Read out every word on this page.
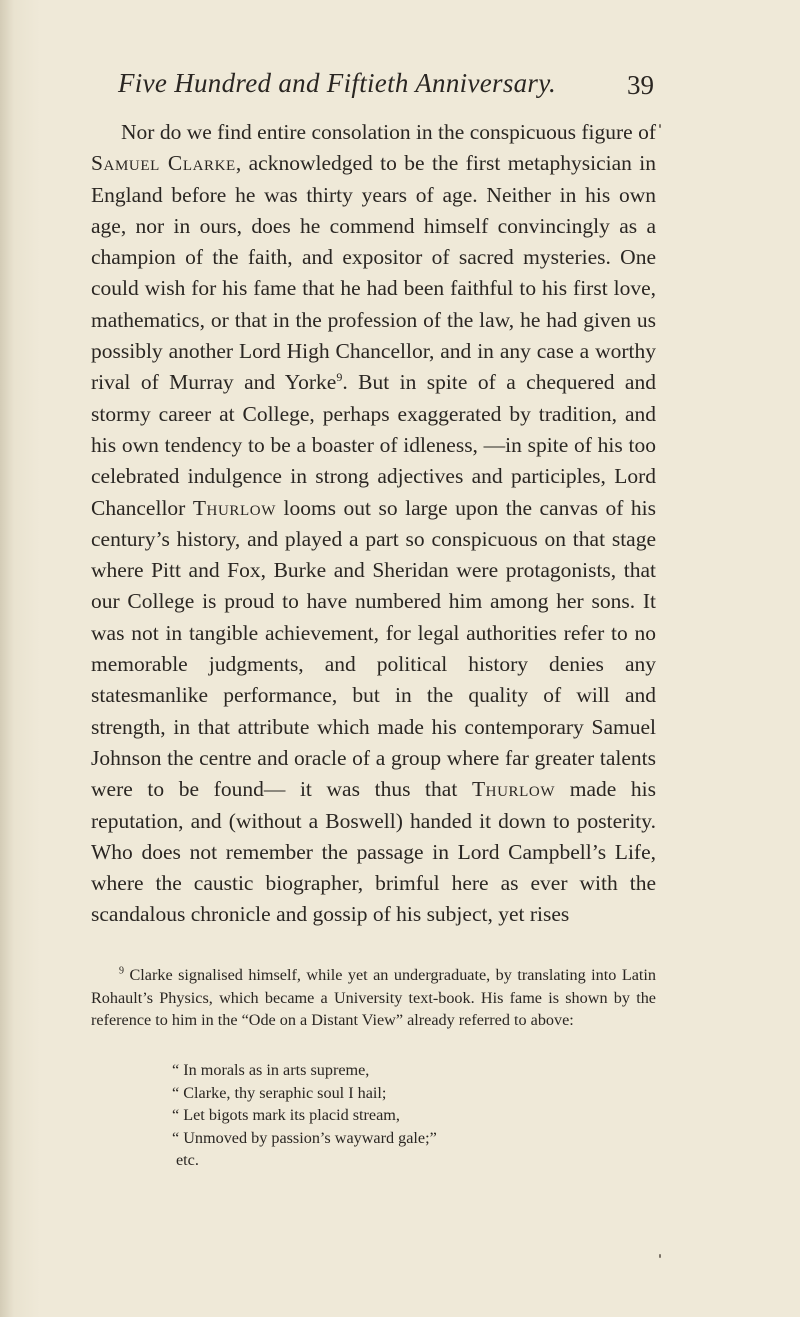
Five Hundred and Fiftieth Anniversary.	39
Nor do we find entire consolation in the conspicuous figure of Samuel Clarke, acknowledged to be the first metaphysician in England before he was thirty years of age. Neither in his own age, nor in ours, does he commend himself convincingly as a champion of the faith, and expositor of sacred mysteries. One could wish for his fame that he had been faithful to his first love, mathematics, or that in the profession of the law, he had given us possibly another Lord High Chancellor, and in any case a worthy rival of Murray and Yorke$^9$. But in spite of a chequered and stormy career at College, perhaps exaggerated by tradition, and his own tendency to be a boaster of idleness, —in spite of his too celebrated indulgence in strong adjectives and participles, Lord Chancellor Thurlow looms out so large upon the canvas of his century’s history, and played a part so conspicuous on that stage where Pitt and Fox, Burke and Sheridan were protagonists, that our College is proud to have numbered him among her sons. It was not in tangible achievement, for legal authorities refer to no memorable judgments, and political history denies any statesmanlike performance, but in the quality of will and strength, in that attribute which made his contemporary Samuel Johnson the centre and oracle of a group where far greater talents were to be found— it was thus that Thurlow made his reputation, and (without a Boswell) handed it down to posterity. Who does not remember the passage in Lord Campbell’s Life, where the caustic biographer, brimful here as ever with the scandalous chronicle and gossip of his subject, yet rises
$^9$ Clarke signalised himself, while yet an undergraduate, by translating into Latin Rohault’s Physics, which became a University text-book. His fame is shown by the reference to him in the “Ode on a Distant View” already referred to above:
“ In morals as in arts supreme,
“ Clarke, thy seraphic soul I hail;
“ Let bigots mark its placid stream,
“ Unmoved by passion’s wayward gale;”
etc.
